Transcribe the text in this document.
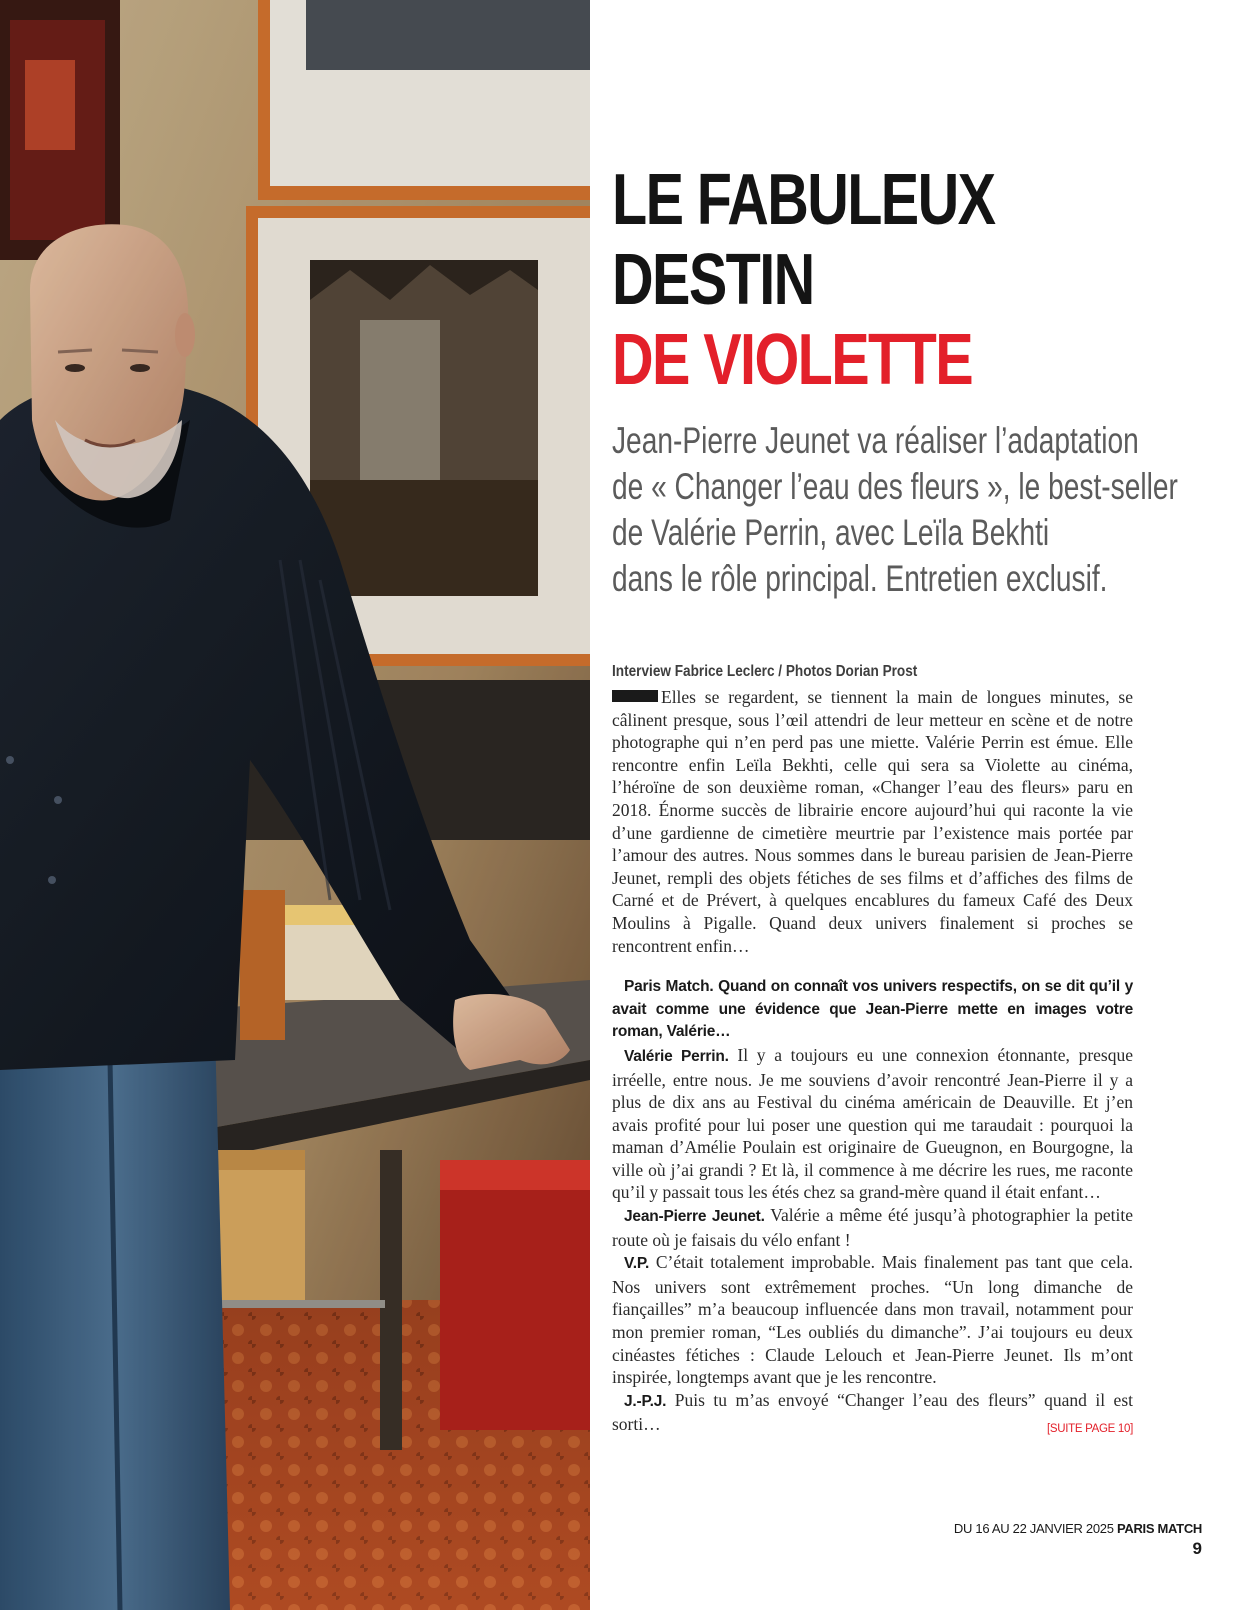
LE FABULEUX
DESTIN
DE VIOLETTE

Jean-Pierre Jeunet va réaliser l’adaptation
de « Changer l’eau des fleurs », le best-seller
de Valérie Perrin, avec Leïla Bekhti
dans le rôle principal. Entretien exclusif.

Interview Fabrice Leclerc / Photos Dorian Prost

Elles se regardent, se tiennent la main de longues minutes, se câlinent presque, sous l’œil attendri de leur metteur en scène et de notre photographe qui n’en perd pas une miette. Valérie Perrin est émue. Elle rencontre enfin Leïla Bekhti, celle qui sera sa Violette au cinéma, l’héroïne de son deuxième roman, «Changer l’eau des fleurs» paru en 2018. Énorme succès de librairie encore aujourd’hui qui raconte la vie d’une gardienne de cimetière meurtrie par l’existence mais portée par l’amour des autres. Nous sommes dans le bureau parisien de Jean-Pierre Jeunet, rempli des objets fétiches de ses films et d’affiches des films de Carné et de Prévert, à quelques encablures du fameux Café des Deux Moulins à Pigalle. Quand deux univers finalement si proches se rencontrent enfin…

Paris Match. Quand on connaît vos univers respectifs, on se dit qu’il y avait comme une évidence que Jean-Pierre mette en images votre roman, Valérie…

Valérie Perrin. Il y a toujours eu une connexion étonnante, presque irréelle, entre nous. Je me souviens d’avoir rencontré Jean-Pierre il y a plus de dix ans au Festival du cinéma américain de Deauville. Et j’en avais profité pour lui poser une question qui me taraudait : pourquoi la maman d’Amélie Poulain est originaire de Gueugnon, en Bourgogne, la ville où j’ai grandi ? Et là, il commence à me décrire les rues, me raconte qu’il y passait tous les étés chez sa grand-mère quand il était enfant…

Jean-Pierre Jeunet. Valérie a même été jusqu’à photographier la petite route où je faisais du vélo enfant !

V.P. C’était totalement improbable. Mais finalement pas tant que cela. Nos univers sont extrêmement proches. “Un long dimanche de fiançailles” m’a beaucoup influencée dans mon travail, notamment pour mon premier roman, “Les oubliés du dimanche”. J’ai toujours eu deux cinéastes fétiches : Claude Lelouch et Jean-Pierre Jeunet. Ils m’ont inspirée, longtemps avant que je les rencontre.

J.-P.J. Puis tu m’as envoyé “Changer l’eau des fleurs” quand il est sorti…	[SUITE PAGE 10]

DU 16 AU 22 JANVIER 2025 PARIS MATCH
9
